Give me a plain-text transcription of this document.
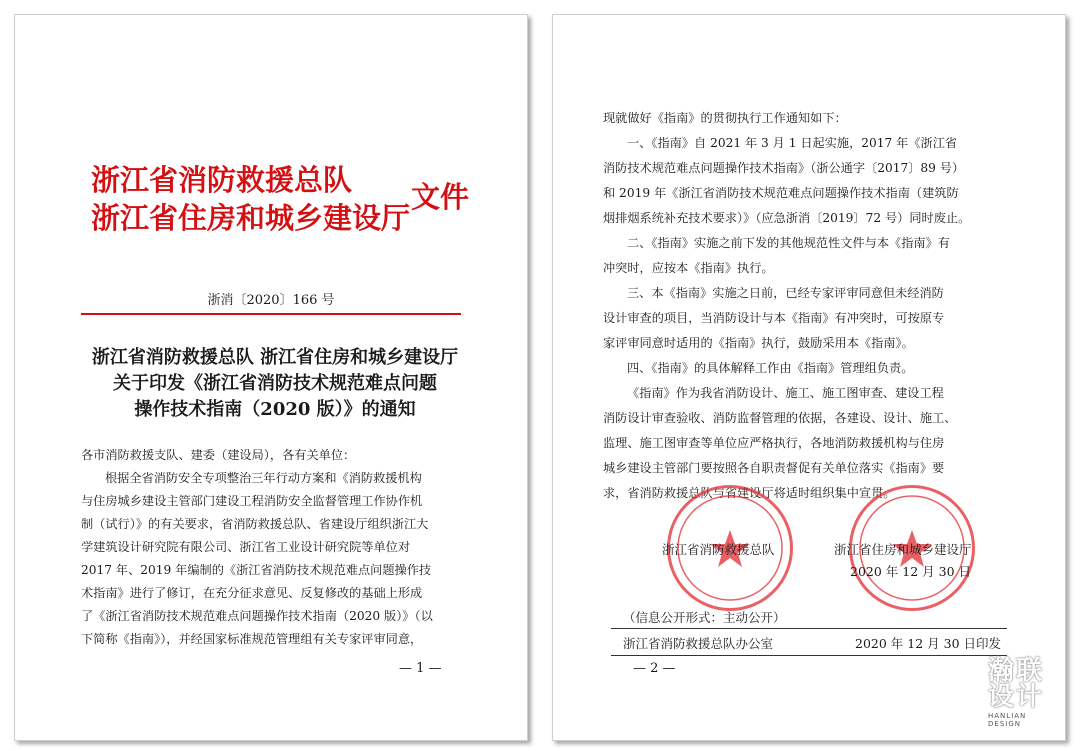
浙江省消防救援总队
浙江省住房和城乡建设厅
文件
浙消〔2020〕166 号
浙江省消防救援总队 浙江省住房和城乡建设厅
关于印发《浙江省消防技术规范难点问题
操作技术指南（2020 版）》的通知
各市消防救援支队、建委（建设局），各有关单位：
根据全省消防安全专项整治三年行动方案和《消防救援机构
与住房城乡建设主管部门建设工程消防安全监督管理工作协作机
制（试行）》的有关要求，省消防救援总队、省建设厅组织浙江大
学建筑设计研究院有限公司、浙江省工业设计研究院等单位对
2017 年、2019 年编制的《浙江省消防技术规范难点问题操作技
术指南》进行了修订，在充分征求意见、反复修改的基础上形成
了《浙江省消防技术规范难点问题操作技术指南（2020 版）》（以
下简称《指南》），并经国家标准规范管理组有关专家评审同意，
— 1 —
现就做好《指南》的贯彻执行工作通知如下：
一、《指南》自 2021 年 3 月 1 日起实施，2017 年《浙江省
消防技术规范难点问题操作技术指南》（浙公通字〔2017〕89 号）
和 2019 年《浙江省消防技术规范难点问题操作技术指南（建筑防
烟排烟系统补充技术要求）》（应急浙消〔2019〕72 号）同时废止。
二、《指南》实施之前下发的其他规范性文件与本《指南》有
冲突时，应按本《指南》执行。
三、本《指南》实施之日前，已经专家评审同意但未经消防
设计审查的项目，当消防设计与本《指南》有冲突时，可按原专
家评审同意时适用的《指南》执行，鼓励采用本《指南》。
四、《指南》的具体解释工作由《指南》管理组负责。
《指南》作为我省消防设计、施工、施工图审查、建设工程
消防设计审查验收、消防监督管理的依据，各建设、设计、施工、
监理、施工图审查等单位应严格执行，各地消防救援机构与住房
城乡建设主管部门要按照各自职责督促有关单位落实《指南》要
求，省消防救援总队与省建设厅将适时组织集中宣贯。
浙江省消防救援总队	浙江省住房和城乡建设厅
2020 年 12 月 30 日
（信息公开形式：主动公开）
浙江省消防救援总队办公室	2020 年 12 月 30 日印发
— 2 —	瀚联设计
HANLIAN DESIGN
